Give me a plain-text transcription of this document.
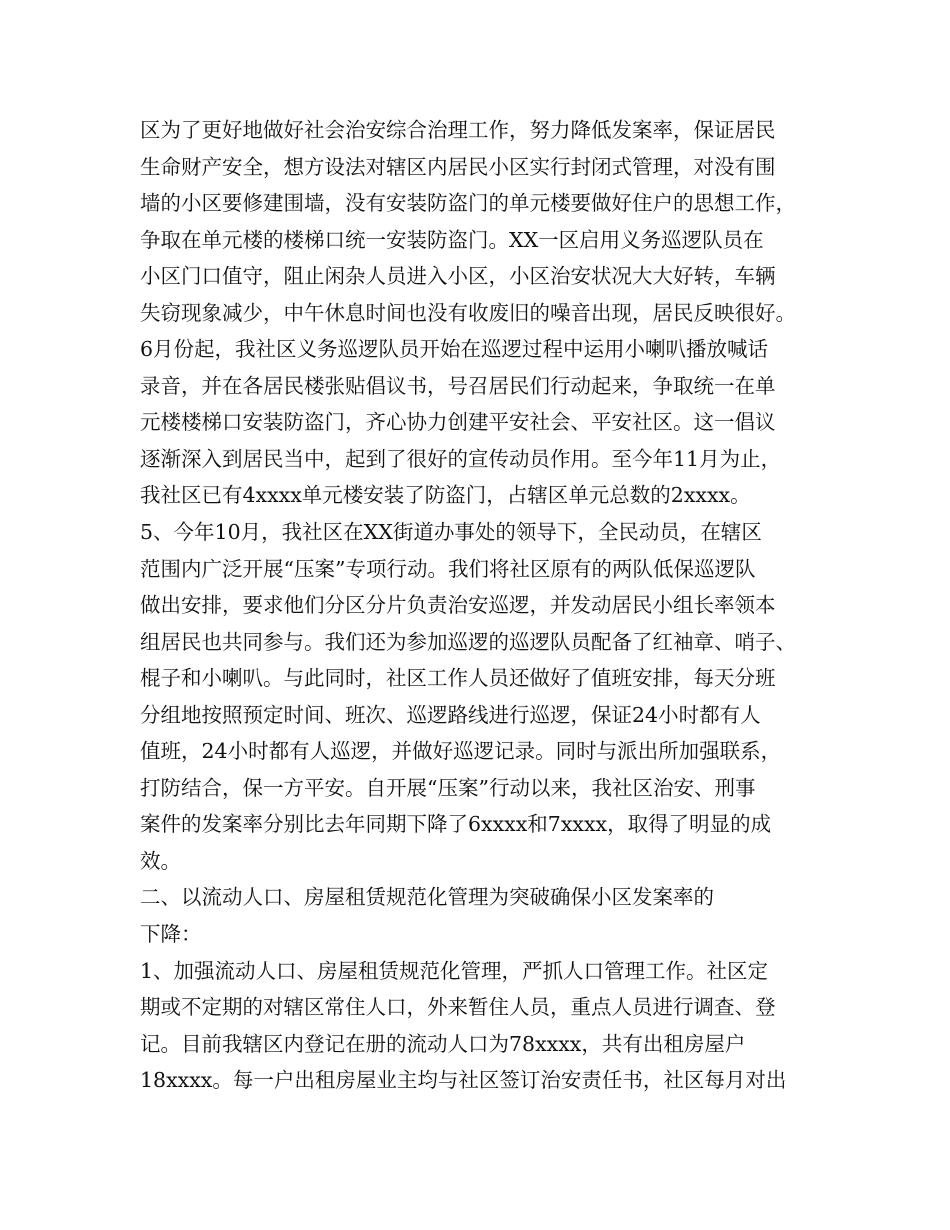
区为了更好地做好社会治安综合治理工作，努力降低发案率，保证居民
生命财产安全，想方设法对辖区内居民小区实行封闭式管理，对没有围
墙的小区要修建围墙，没有安装防盗门的单元楼要做好住户的思想工作，
争取在单元楼的楼梯口统一安装防盗门。XX一区启用义务巡逻队员在
小区门口值守，阻止闲杂人员进入小区，小区治安状况大大好转，车辆
失窃现象减少，中午休息时间也没有收废旧的噪音出现，居民反映很好。
6月份起，我社区义务巡逻队员开始在巡逻过程中运用小喇叭播放喊话
录音，并在各居民楼张贴倡议书，号召居民们行动起来，争取统一在单
元楼楼梯口安装防盗门，齐心协力创建平安社会、平安社区。这一倡议
逐渐深入到居民当中，起到了很好的宣传动员作用。至今年11月为止，
我社区已有4xxxx单元楼安装了防盗门，占辖区单元总数的2xxxx。
5、今年10月，我社区在XX街道办事处的领导下，全民动员，在辖区
范围内广泛开展“压案”专项行动。我们将社区原有的两队低保巡逻队
做出安排，要求他们分区分片负责治安巡逻，并发动居民小组长率领本
组居民也共同参与。我们还为参加巡逻的巡逻队员配备了红袖章、哨子、
棍子和小喇叭。与此同时，社区工作人员还做好了值班安排，每天分班
分组地按照预定时间、班次、巡逻路线进行巡逻，保证24小时都有人
值班，24小时都有人巡逻，并做好巡逻记录。同时与派出所加强联系，
打防结合，保一方平安。自开展“压案”行动以来，我社区治安、刑事
案件的发案率分别比去年同期下降了6xxxx和7xxxx，取得了明显的成
效。
二、以流动人口、房屋租赁规范化管理为突破确保小区发案率的
下降：
1、加强流动人口、房屋租赁规范化管理，严抓人口管理工作。社区定
期或不定期的对辖区常住人口，外来暂住人员，重点人员进行调查、登
记。目前我辖区内登记在册的流动人口为78xxxx，共有出租房屋户
18xxxx。每一户出租房屋业主均与社区签订治安责任书，社区每月对出
